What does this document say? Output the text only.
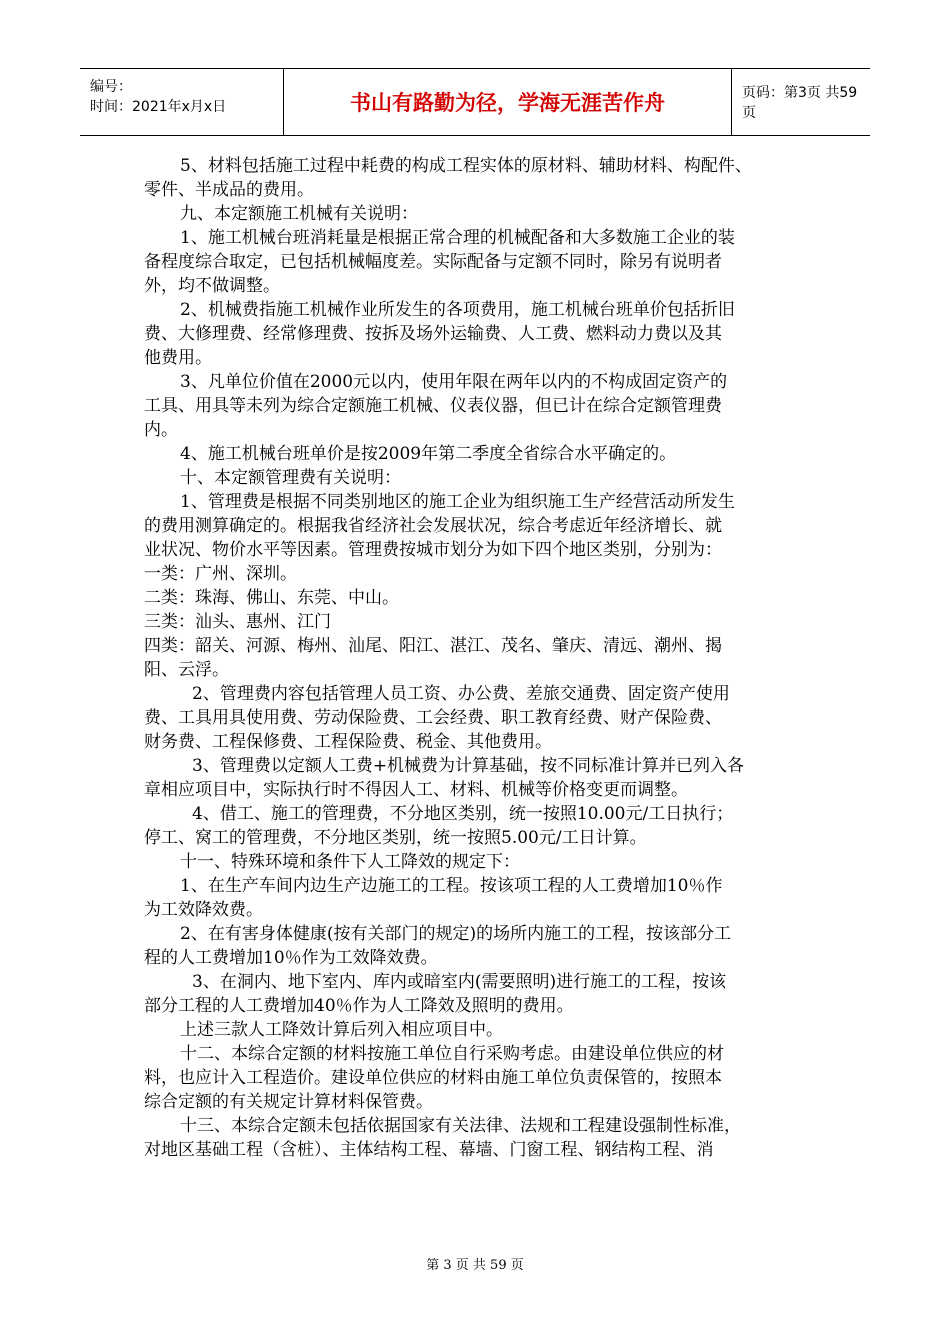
编号：
时间：2021年x月x日	书山有路勤为径，学海无涯苦作舟	页码：第3页 共59页

5、材料包括施工过程中耗费的构成工程实体的原材料、辅助材料、构配件、

零件、半成品的费用。

九、本定额施工机械有关说明：

1、施工机械台班消耗量是根据正常合理的机械配备和大多数施工企业的装

备程度综合取定，已包括机械幅度差。实际配备与定额不同时，除另有说明者

外，均不做调整。

2、机械费指施工机械作业所发生的各项费用，施工机械台班单价包括折旧

费、大修理费、经常修理费、按拆及场外运输费、人工费、燃料动力费以及其

他费用。

3、凡单位价值在2000元以内，使用年限在两年以内的不构成固定资产的

工具、用具等未列为综合定额施工机械、仪表仪器，但已计在综合定额管理费

内。

4、施工机械台班单价是按2009年第二季度全省综合水平确定的。

十、本定额管理费有关说明：

1、管理费是根据不同类别地区的施工企业为组织施工生产经营活动所发生

的费用测算确定的。根据我省经济社会发展状况，综合考虑近年经济增长、就

业状况、物价水平等因素。管理费按城市划分为如下四个地区类别，分别为：

一类：广州、深圳。

二类：珠海、佛山、东莞、中山。

三类：汕头、惠州、江门

四类：韶关、河源、梅州、汕尾、阳江、湛江、茂名、肇庆、清远、潮州、揭

阳、云浮。

2、管理费内容包括管理人员工资、办公费、差旅交通费、固定资产使用

费、工具用具使用费、劳动保险费、工会经费、职工教育经费、财产保险费、

财务费、工程保修费、工程保险费、税金、其他费用。

3、管理费以定额人工费+机械费为计算基础，按不同标准计算并已列入各

章相应项目中，实际执行时不得因人工、材料、机械等价格变更而调整。

4、借工、施工的管理费，不分地区类别，统一按照10.00元/工日执行；

停工、窝工的管理费，不分地区类别，统一按照5.00元/工日计算。

十一、特殊环境和条件下人工降效的规定下：

1、在生产车间内边生产边施工的工程。按该项工程的人工费增加10％作

为工效降效费。

2、在有害身体健康(按有关部门的规定)的场所内施工的工程，按该部分工

程的人工费增加10％作为工效降效费。

3、在洞内、地下室内、库内或暗室内(需要照明)进行施工的工程，按该

部分工程的人工费增加40％作为人工降效及照明的费用。

上述三款人工降效计算后列入相应项目中。

十二、本综合定额的材料按施工单位自行采购考虑。由建设单位供应的材

料，也应计入工程造价。建设单位供应的材料由施工单位负责保管的，按照本

综合定额的有关规定计算材料保管费。

十三、本综合定额未包括依据国家有关法律、法规和工程建设强制性标准，

对地区基础工程（含桩）、主体结构工程、幕墙、门窗工程、钢结构工程、消

第 3 页 共 59 页
